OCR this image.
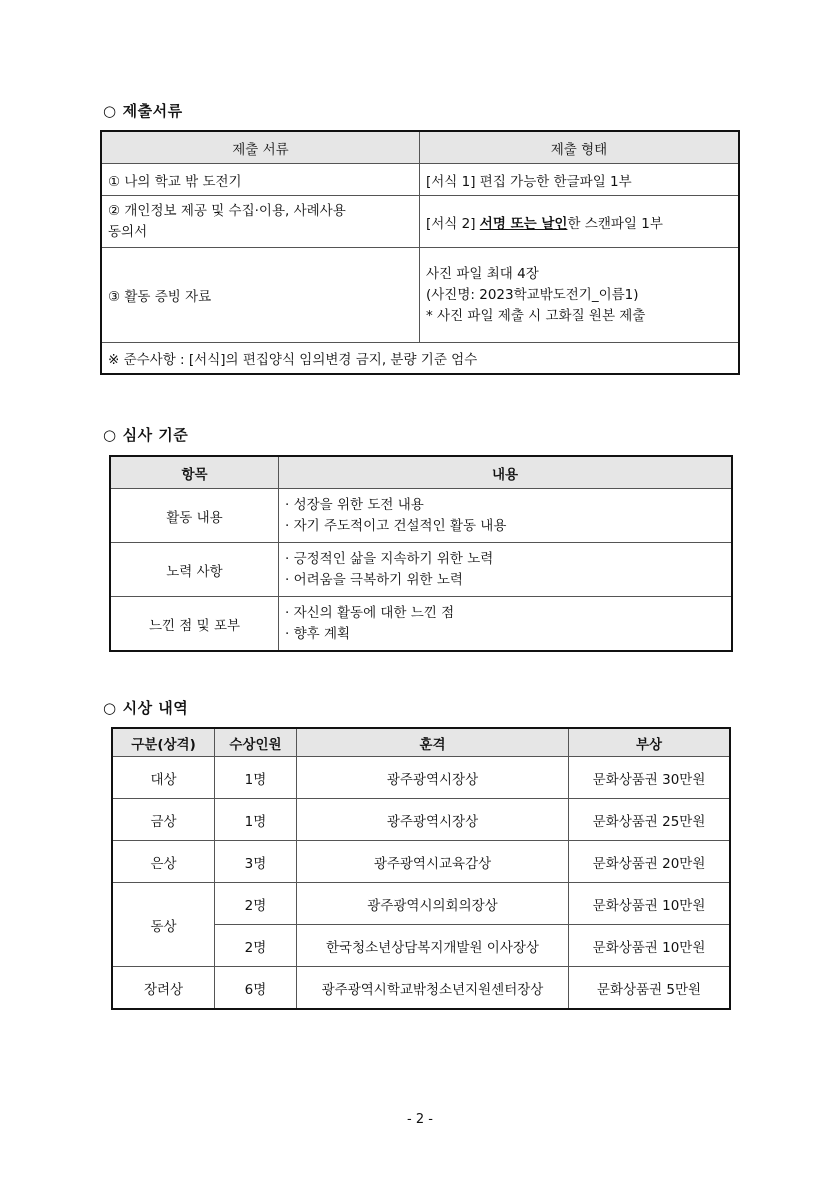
○ 제출서류
제출 서류	제출 형태
① 나의 학교 밖 도전기	[서식 1] 편집 가능한 한글파일 1부

② 개인정보 제공 및 수집·이용, 사례사용
동의서	[서식 2] 서명 또는 날인한 스캔파일 1부
③ 활동 증빙 자료	사진 파일 최대 4장
(사진명: 2023학교밖도전기_이름1)
* 사진 파일 제출 시 고화질 원본 제출

※ 준수사항 : [서식]의 편집양식 임의변경 금지, 분량 기준 엄수	
○ 심사 기준
항목	내용
활동 내용	· 성장을 위한 도전 내용
· 자기 주도적이고 건설적인 활동 내용

노력 사항	· 긍정적인 삶을 지속하기 위한 노력
· 어려움을 극복하기 위한 노력

느낀 점 및 포부	· 자신의 활동에 대한 느낀 점
· 향후 계획
○ 시상 내역
구분(상격)	수상인원	훈격	부상
대상	1명	광주광역시장상	문화상품권 30만원
금상	1명	광주광역시장상	문화상품권 25만원
은상	3명	광주광역시교육감상	문화상품권 20만원
동상	2명	광주광역시의회의장상	문화상품권 10만원
	2명	한국청소년상담복지개발원 이사장상	문화상품권 10만원
장려상	6명	광주광역시학교밖청소년지원센터장상	문화상품권 5만원
- 2 -
